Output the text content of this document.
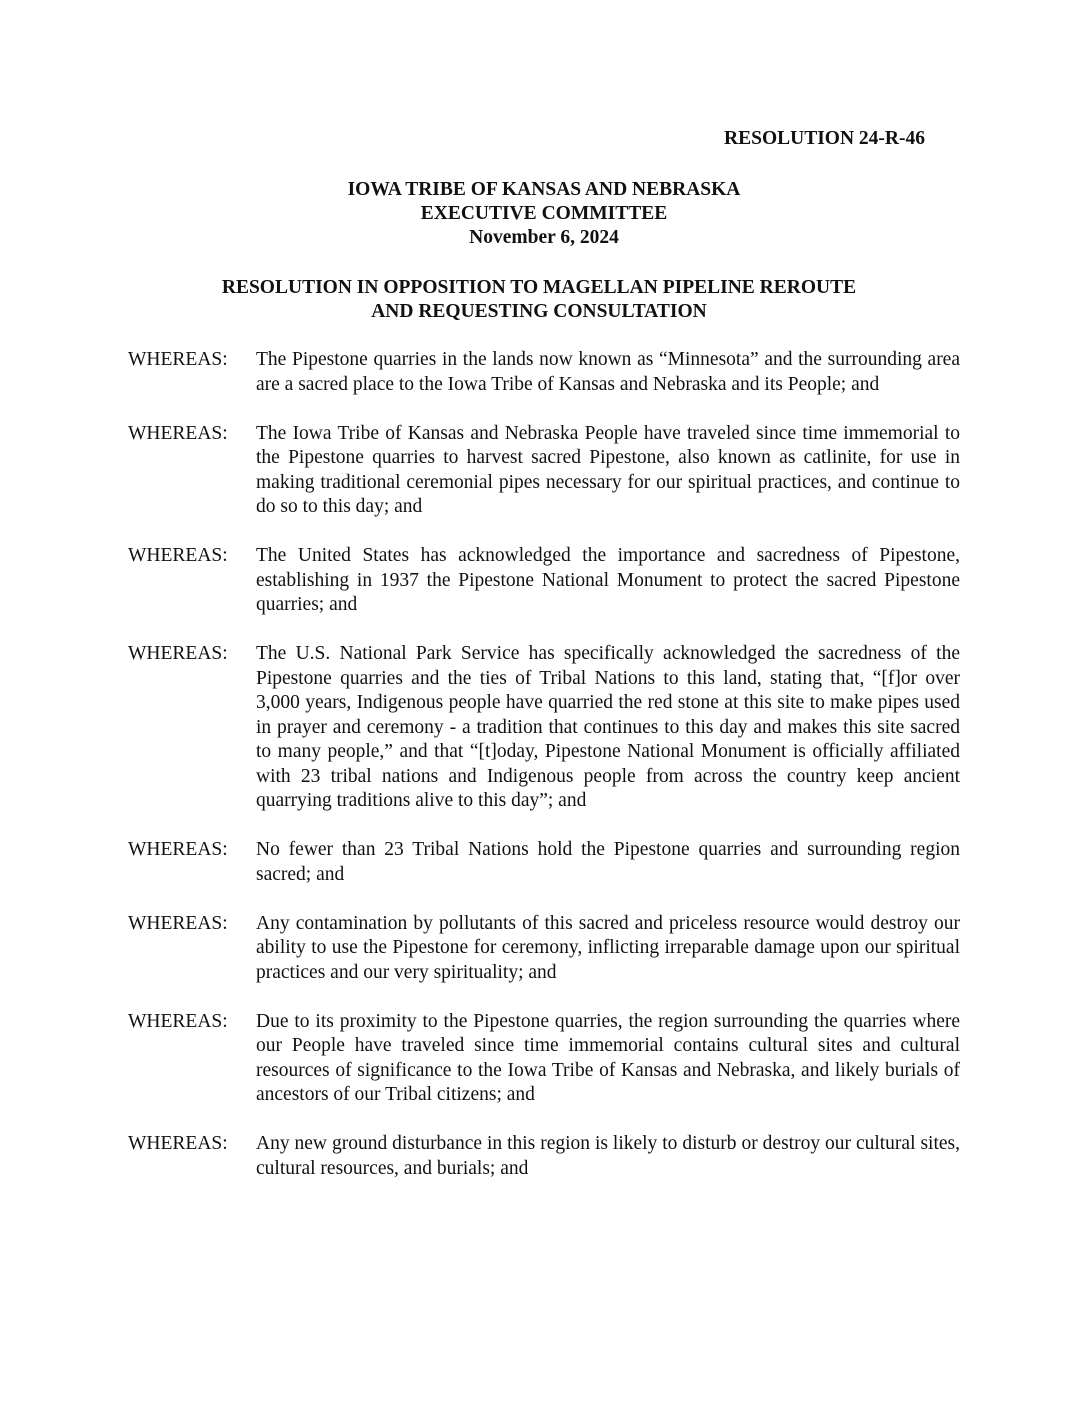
RESOLUTION 24-R-46
IOWA TRIBE OF KANSAS AND NEBRASKA
EXECUTIVE COMMITTEE
November 6, 2024
RESOLUTION IN OPPOSITION TO MAGELLAN PIPELINE REROUTE
AND REQUESTING CONSULTATION
WHEREAS:	The Pipestone quarries in the lands now known as “Minnesota” and the surrounding area are a sacred place to the Iowa Tribe of Kansas and Nebraska and its People; and
WHEREAS:	The Iowa Tribe of Kansas and Nebraska People have traveled since time immemorial to the Pipestone quarries to harvest sacred Pipestone, also known as catlinite, for use in making traditional ceremonial pipes necessary for our spiritual practices, and continue to do so to this day; and
WHEREAS:	The United States has acknowledged the importance and sacredness of Pipestone, establishing in 1937 the Pipestone National Monument to protect the sacred Pipestone quarries; and
WHEREAS:	The U.S. National Park Service has specifically acknowledged the sacredness of the Pipestone quarries and the ties of Tribal Nations to this land, stating that, “[f]or over 3,000 years, Indigenous people have quarried the red stone at this site to make pipes used in prayer and ceremony - a tradition that continues to this day and makes this site sacred to many people,” and that “[t]oday, Pipestone National Monument is officially affiliated with 23 tribal nations and Indigenous people from across the country keep ancient quarrying traditions alive to this day”; and
WHEREAS:	No fewer than 23 Tribal Nations hold the Pipestone quarries and surrounding region sacred; and
WHEREAS:	Any contamination by pollutants of this sacred and priceless resource would destroy our ability to use the Pipestone for ceremony, inflicting irreparable damage upon our spiritual practices and our very spirituality; and
WHEREAS:	Due to its proximity to the Pipestone quarries, the region surrounding the quarries where our People have traveled since time immemorial contains cultural sites and cultural resources of significance to the Iowa Tribe of Kansas and Nebraska, and likely burials of ancestors of our Tribal citizens; and
WHEREAS:	Any new ground disturbance in this region is likely to disturb or destroy our cultural sites, cultural resources, and burials; and
